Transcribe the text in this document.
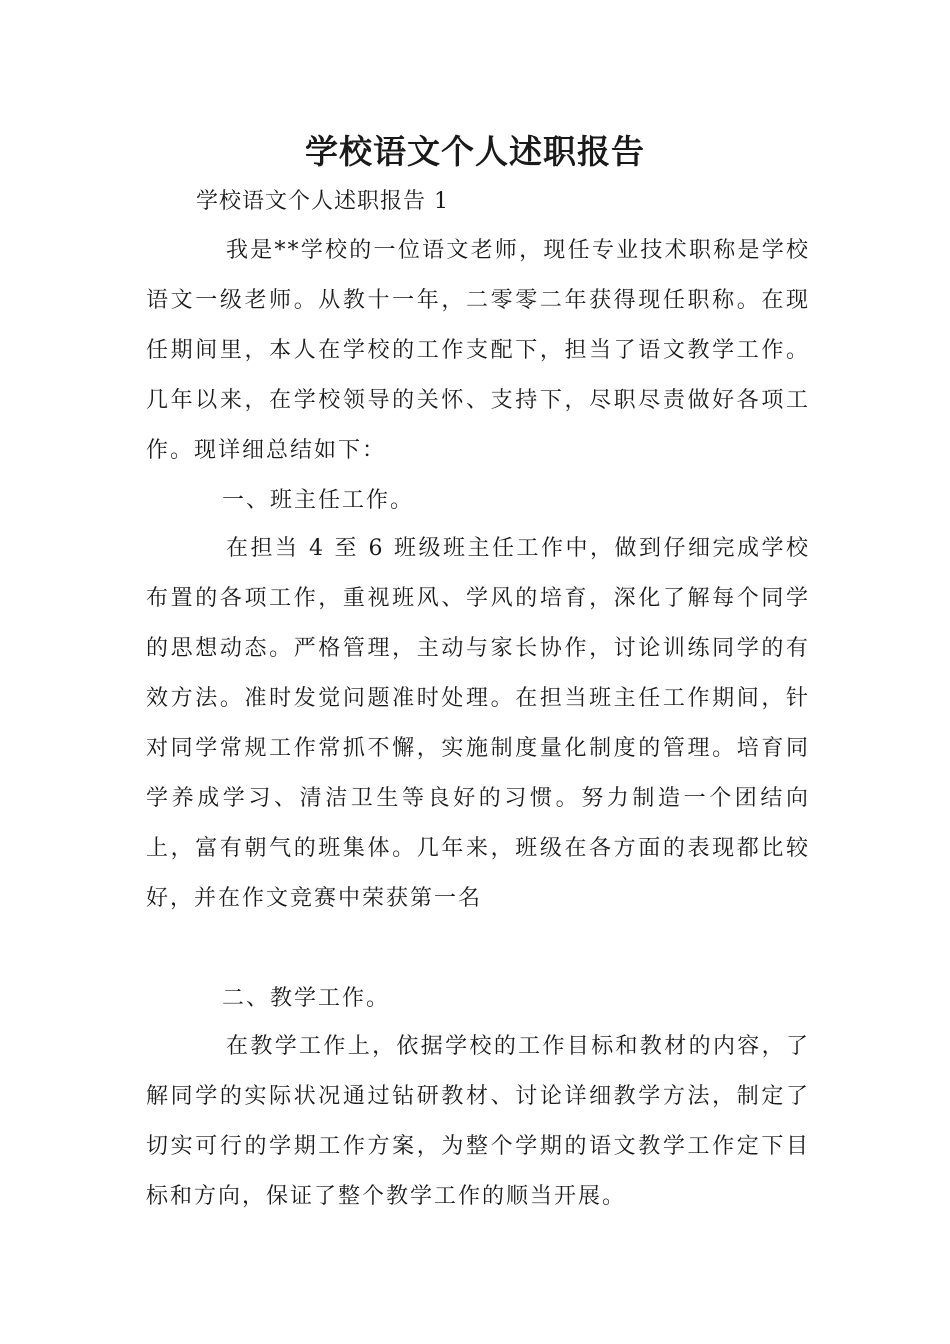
学校语文个人述职报告

学校语文个人述职报告 1

我是**学校的一位语文老师，现任专业技术职称是学校语文一级老师。从教十一年，二零零二年获得现任职称。在现任期间里，本人在学校的工作支配下，担当了语文教学工作。几年以来，在学校领导的关怀、支持下，尽职尽责做好各项工作。现详细总结如下：

一、班主任工作。

在担当 4 至 6 班级班主任工作中，做到仔细完成学校布置的各项工作，重视班风、学风的培育，深化了解每个同学的思想动态。严格管理，主动与家长协作，讨论训练同学的有效方法。准时发觉问题准时处理。在担当班主任工作期间，针对同学常规工作常抓不懈，实施制度量化制度的管理。培育同学养成学习、清洁卫生等良好的习惯。努力制造一个团结向上，富有朝气的班集体。几年来，班级在各方面的表现都比较好，并在作文竞赛中荣获第一名

二、教学工作。

在教学工作上，依据学校的工作目标和教材的内容，了解同学的实际状况通过钻研教材、讨论详细教学方法，制定了切实可行的学期工作方案，为整个学期的语文教学工作定下目标和方向，保证了整个教学工作的顺当开展。
